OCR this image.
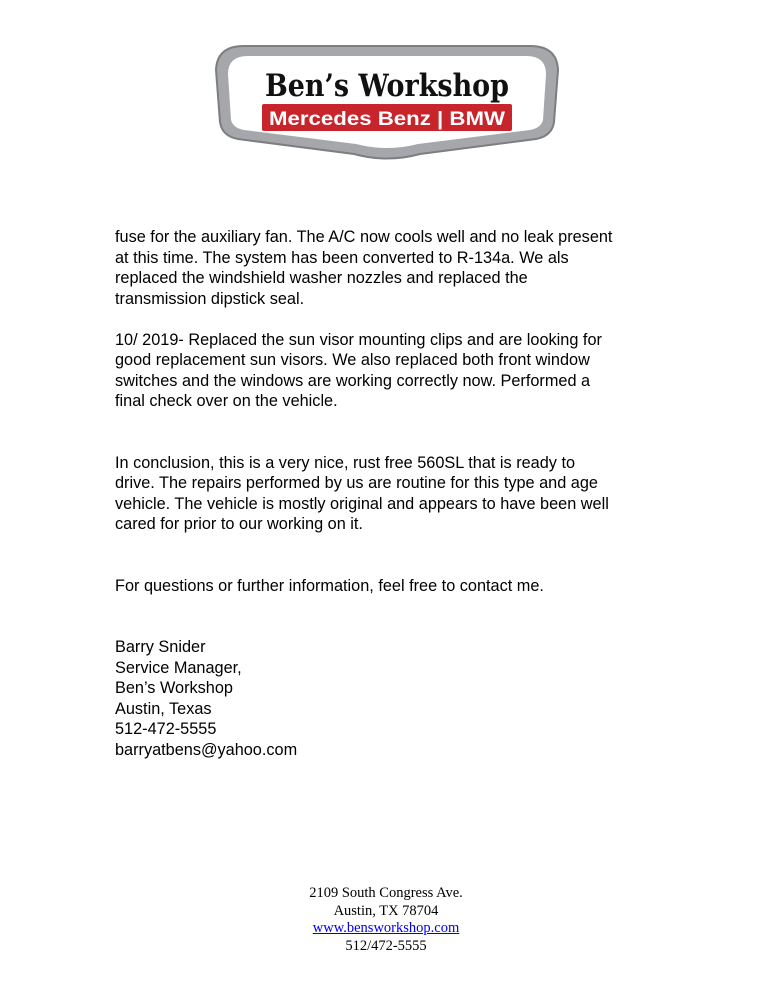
Ben’s Workshop
Mercedes Benz | BMW

fuse for the auxiliary fan. The A/C now cools well and no leak present
at this time. The system has been converted to R-134a. We als
replaced the windshield washer nozzles and replaced the
transmission dipstick seal.

10/ 2019- Replaced the sun visor mounting clips and are looking for
good replacement sun visors. We also replaced both front window
switches and the windows are working correctly now. Performed a
final check over on the vehicle.

In conclusion, this is a very nice, rust free 560SL that is ready to
drive. The repairs performed by us are routine for this type and age
vehicle. The vehicle is mostly original and appears to have been well
cared for prior to our working on it.

For questions or further information, feel free to contact me.

Barry Snider
Service Manager,
Ben’s Workshop
Austin, Texas
512-472-5555
barryatbens@yahoo.com
2109 South Congress Ave.
Austin, TX 78704
www.bensworkshop.com
512/472-5555
